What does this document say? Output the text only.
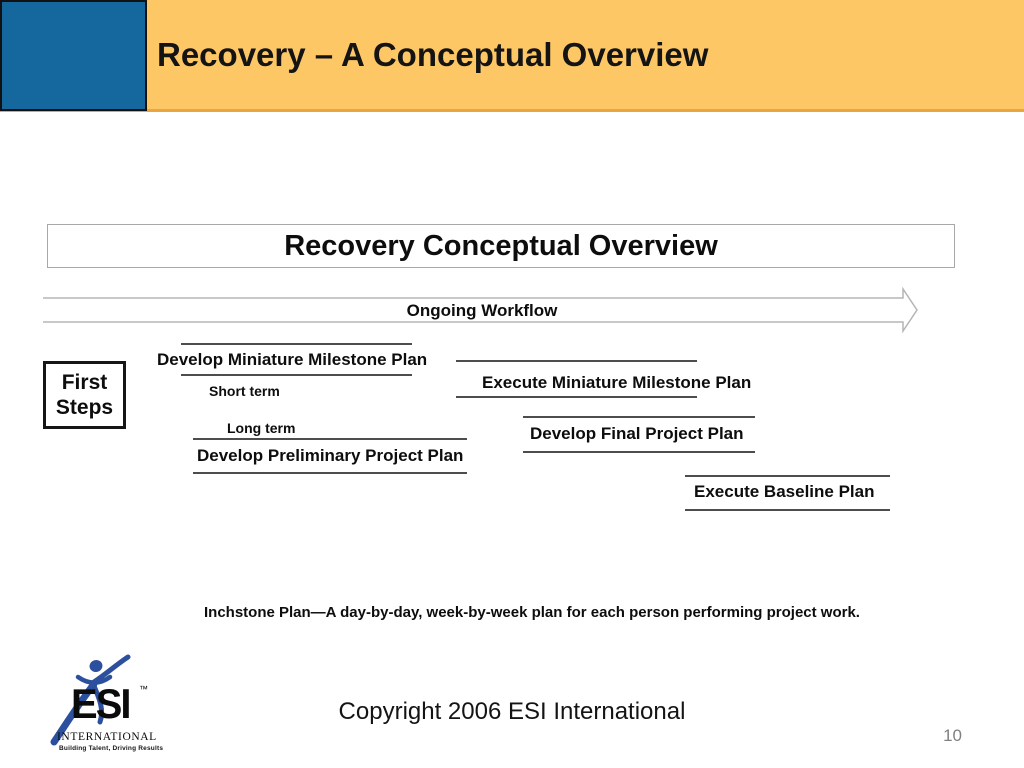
Recovery – A Conceptual Overview
Recovery Conceptual Overview
Ongoing Workflow
First
Steps
Develop Miniature Milestone Plan
Short term	Execute Miniature Milestone Plan
Long term
Develop Preliminary Project Plan
Develop Final Project Plan
Execute Baseline Plan
Inchstone Plan—A day-by-day, week-by-week plan for each person performing project work.
ESI ™
INTERNATIONAL
Building Talent, Driving Results
Copyright 2006 ESI International
10
